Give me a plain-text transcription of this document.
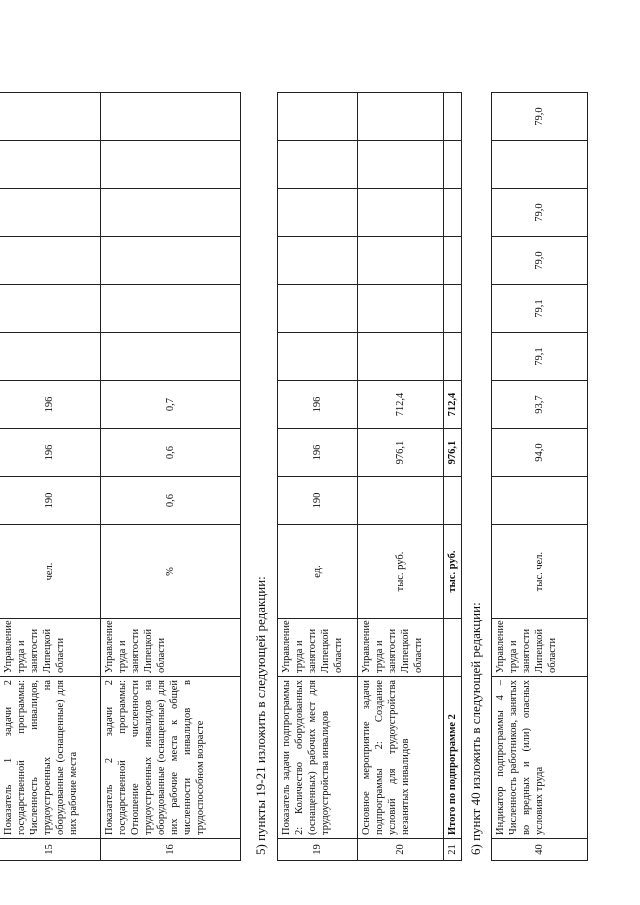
15	Показатель 1 задачи 2 государственной программы: Численность инвалидов, трудоустроенных на оборудованные (оснащенные) для них рабочие места	Управление труда и занятости Липецкой области	чел.	190	196	196						
16	Показатель 2 задачи 2 государственной программы: Отношение численности трудоустроенных инвалидов на оборудованные (оснащенные) для них рабочие места к общей численности инвалидов в трудоспособном возрасте	Управление труда и занятости Липецкой области	%	0,6	0,6	0,7						
5) пункты 19-21 изложить в следующей редакции:	19	Показатель задачи подпрограммы 2: Количество оборудованных (оснащенных) рабочих мест для трудоустройства инвалидов	Управление труда и занятости Липецкой области	ед.	190	196	196						
20	Основное мероприятие задачи подпрограммы 2: Создание условий для трудоустройства незанятых инвалидов	Управление труда и занятости Липецкой области	тыс. руб.		976,1	712,4						
21	Итого по подпрограмме 2		тыс. руб.		976,1	712,4						
6) пункт 40 изложить в следующей редакции:	40	Индикатор подпрограммы 4 – Численность работников, занятых во вредных и (или) опасных условиях труда	Управление труда и занятости Липецкой области	тыс. чел.		94,0	93,7	79,1	79,1	79,0	79,0		79,0
